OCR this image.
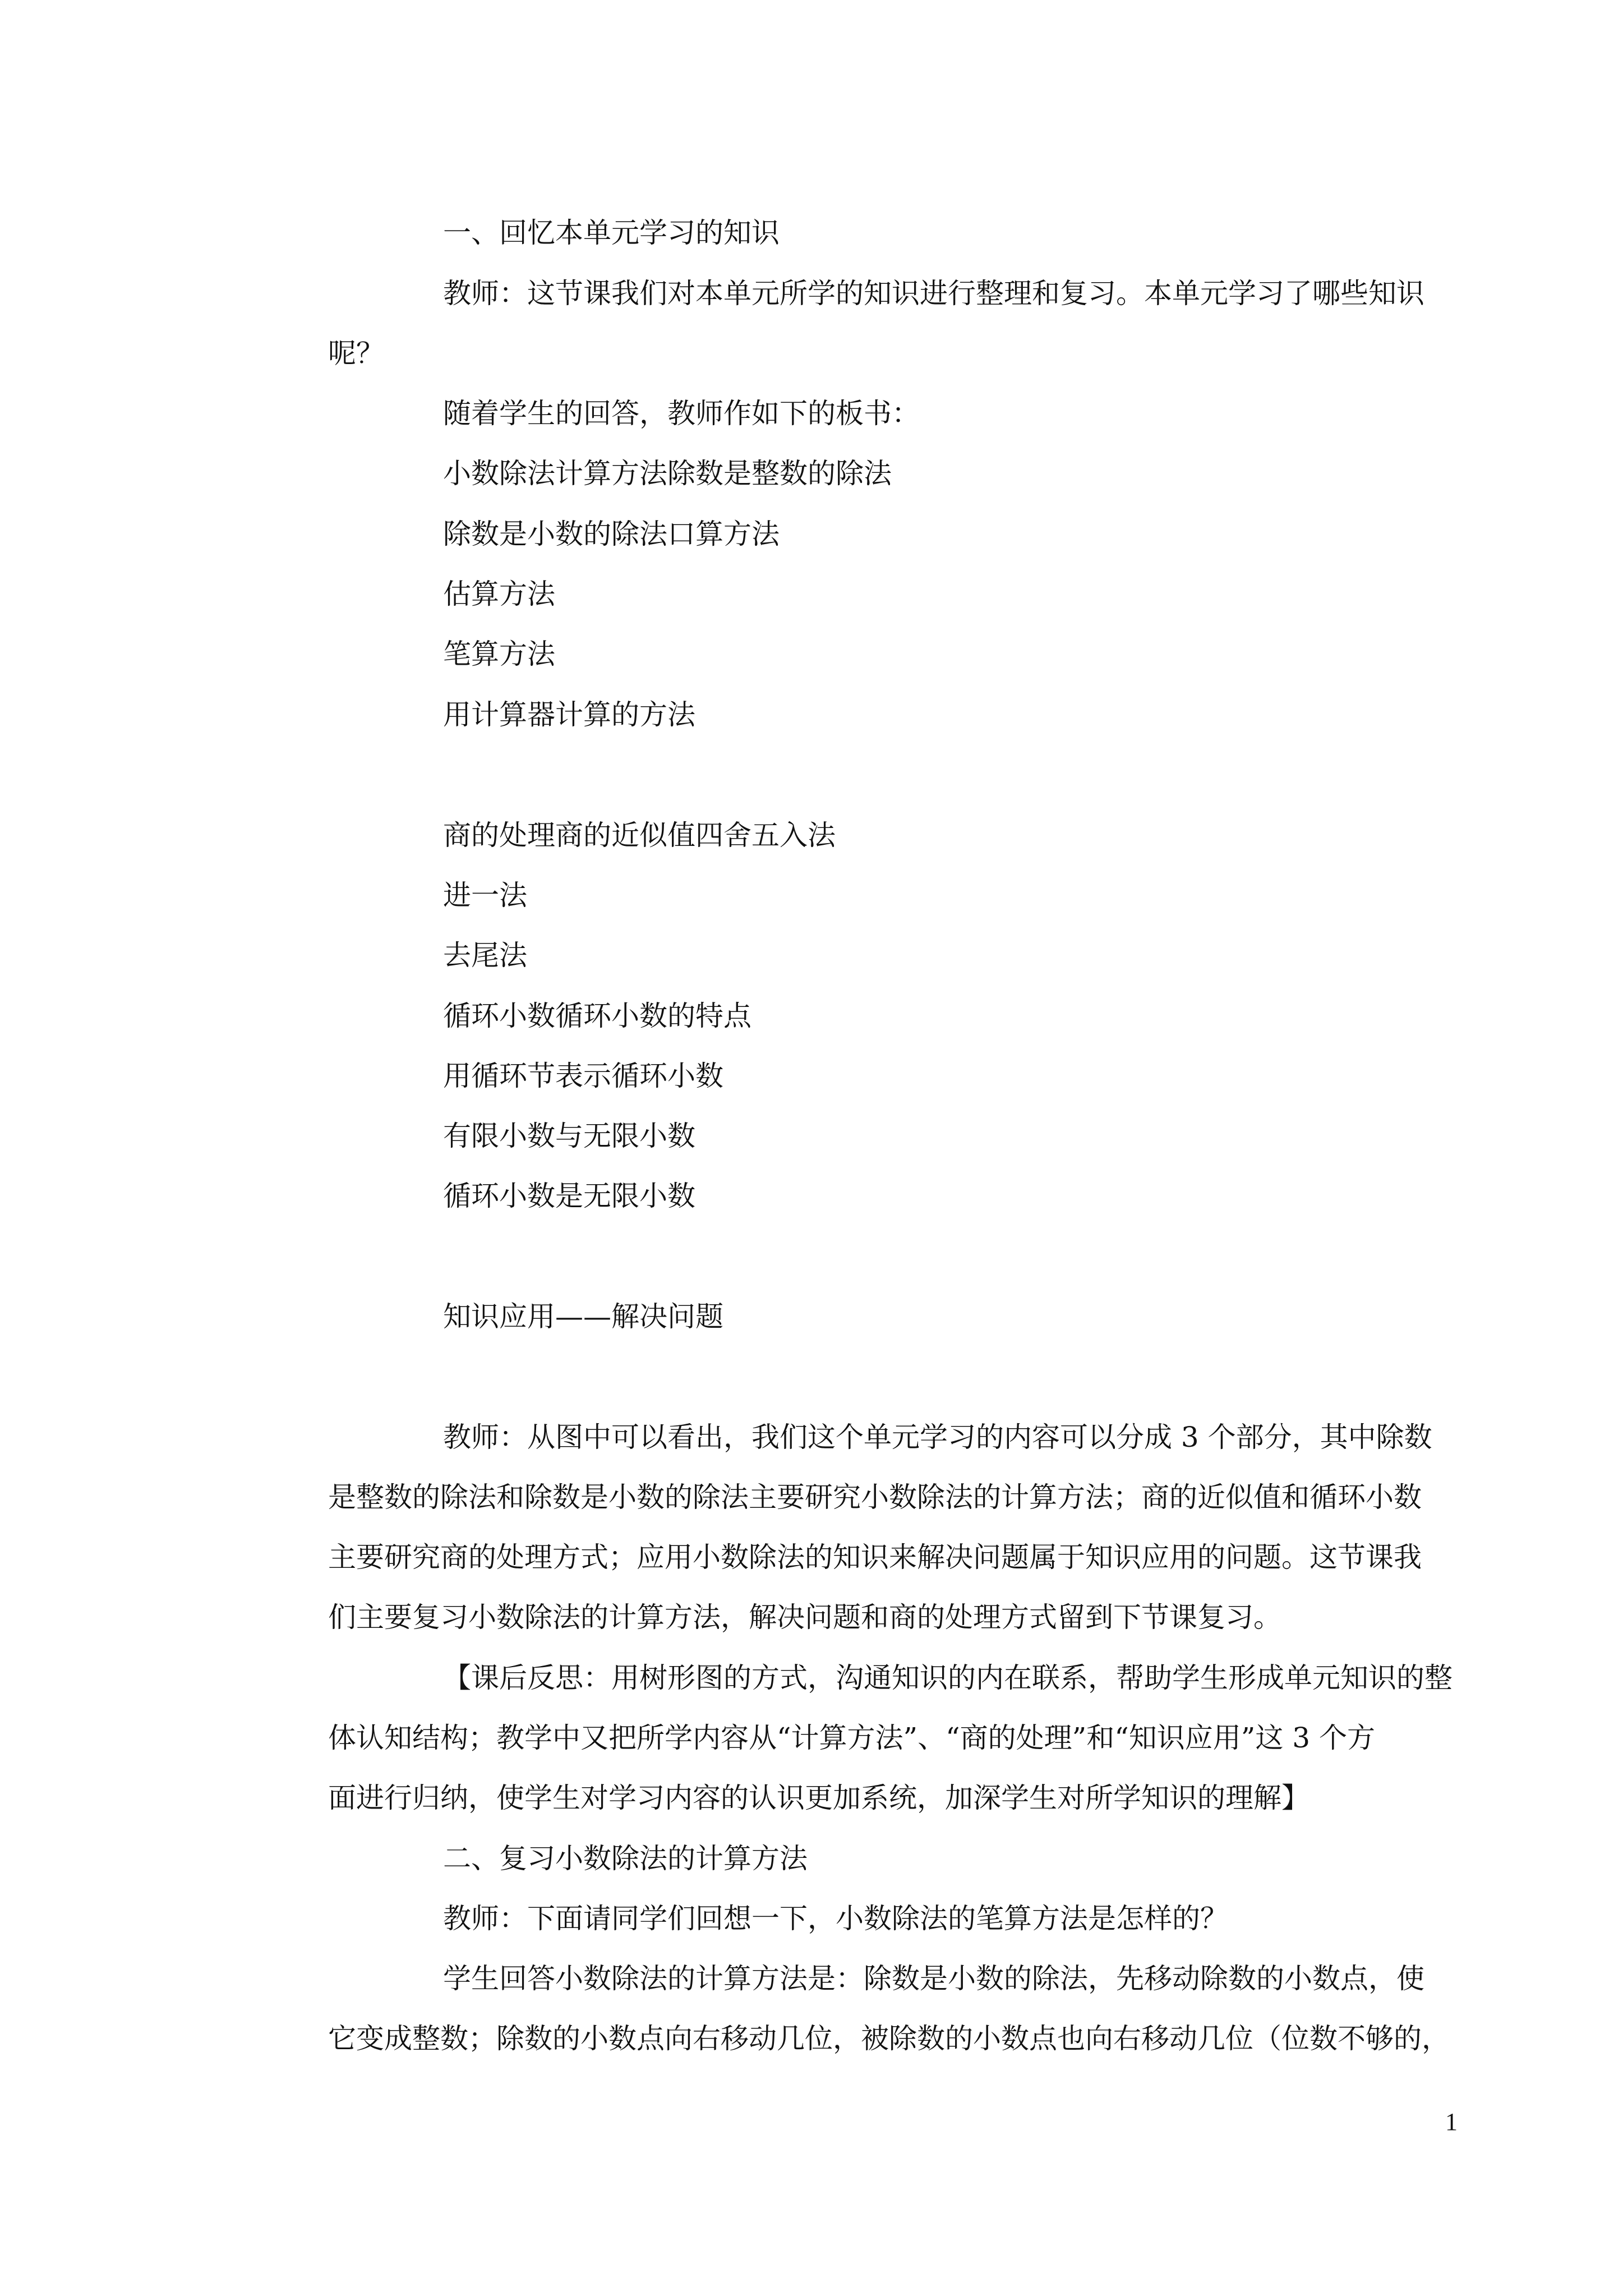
一、回忆本单元学习的知识
教师：这节课我们对本单元所学的知识进行整理和复习。本单元学习了哪些知识
呢？
随着学生的回答，教师作如下的板书：
小数除法计算方法除数是整数的除法
除数是小数的除法口算方法
估算方法
笔算方法
用计算器计算的方法
商的处理商的近似值四舍五入法
进一法
去尾法
循环小数循环小数的特点
用循环节表示循环小数
有限小数与无限小数
循环小数是无限小数
知识应用——解决问题
教师：从图中可以看出，我们这个单元学习的内容可以分成 3 个部分，其中除数
是整数的除法和除数是小数的除法主要研究小数除法的计算方法；商的近似值和循环小数
主要研究商的处理方式；应用小数除法的知识来解决问题属于知识应用的问题。这节课我
们主要复习小数除法的计算方法，解决问题和商的处理方式留到下节课复习。
【课后反思：用树形图的方式，沟通知识的内在联系，帮助学生形成单元知识的整
体认知结构；教学中又把所学内容从“计算方法”、“商的处理”和“知识应用”这 3 个方
面进行归纳，使学生对学习内容的认识更加系统，加深学生对所学知识的理解】
二、复习小数除法的计算方法
教师：下面请同学们回想一下，小数除法的笔算方法是怎样的？
学生回答小数除法的计算方法是：除数是小数的除法，先移动除数的小数点，使
它变成整数；除数的小数点向右移动几位，被除数的小数点也向右移动几位（位数不够的，
1
